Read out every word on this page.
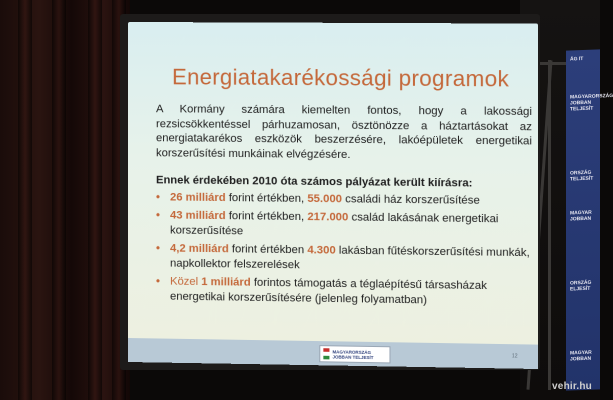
ÁG IT
MAGYARORSZÁG JOBBAN TELJESÍT
ORSZÁG TELJESÍT
MAGYAR JOBBAN
ORSZÁG ELJESÍT
MAGYAR JOBBAN
Energiatakarékossági programok

A Kormány számára kiemelten fontos, hogy a lakossági rezsicsökkentéssel párhuzamosan, ösztönözze a háztartásokat az energiatakarékos eszközök beszerzésére, lakóépületek energetikai korszerűsítési munkáinak elvégzésére.

Ennek érdekében 2010 óta számos pályázat került kiírásra:
• 26 milliárd forint értékben, 55.000 családi ház korszerűsítése
• 43 milliárd forint értékben, 217.000 család lakásának energetikai korszerűsítése
• 4,2 milliárd forint értékben 4.300 lakásban fűtéskorszerűsítési munkák, napkollektor felszerelések
• Közel 1 milliárd forintos támogatás a téglaépítésű társasházak energetikai korszerűsítésére (jelenleg folyamatban)
MAGYARORSZÁG
JOBBAN TELJESÍT	12
vehir.hu
